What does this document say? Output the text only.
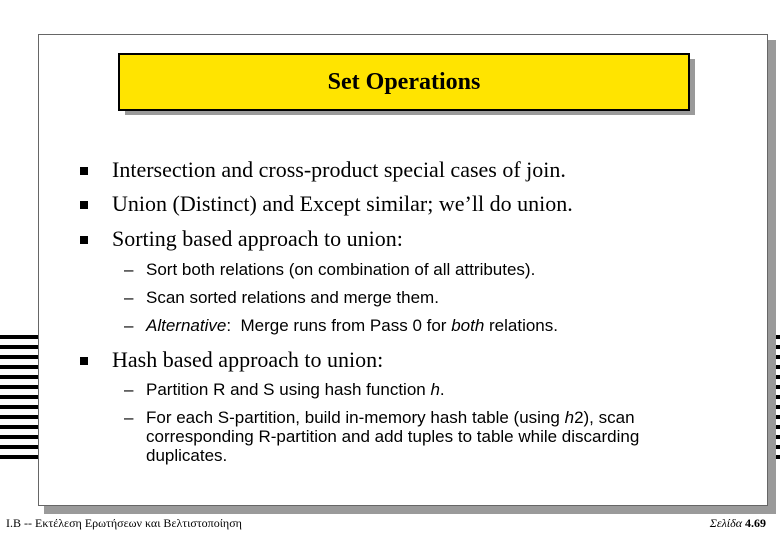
Set Operations
Intersection and cross-product special cases of join.
Union (Distinct) and Except similar; we’ll do union.
Sorting based approach to union:
– Sort both relations (on combination of all attributes).
– Scan sorted relations and merge them.
– Alternative:  Merge runs from Pass 0 for both relations.
Hash based approach to union:
– Partition R and S using hash function h.
– For each S-partition, build in-memory hash table (using h2), scan corresponding R-partition and add tuples to table while discarding duplicates.
Ι.Β -- Εκτέλεση Ερωτήσεων και Βελτιστοποίηση	Σελίδα 4.69
